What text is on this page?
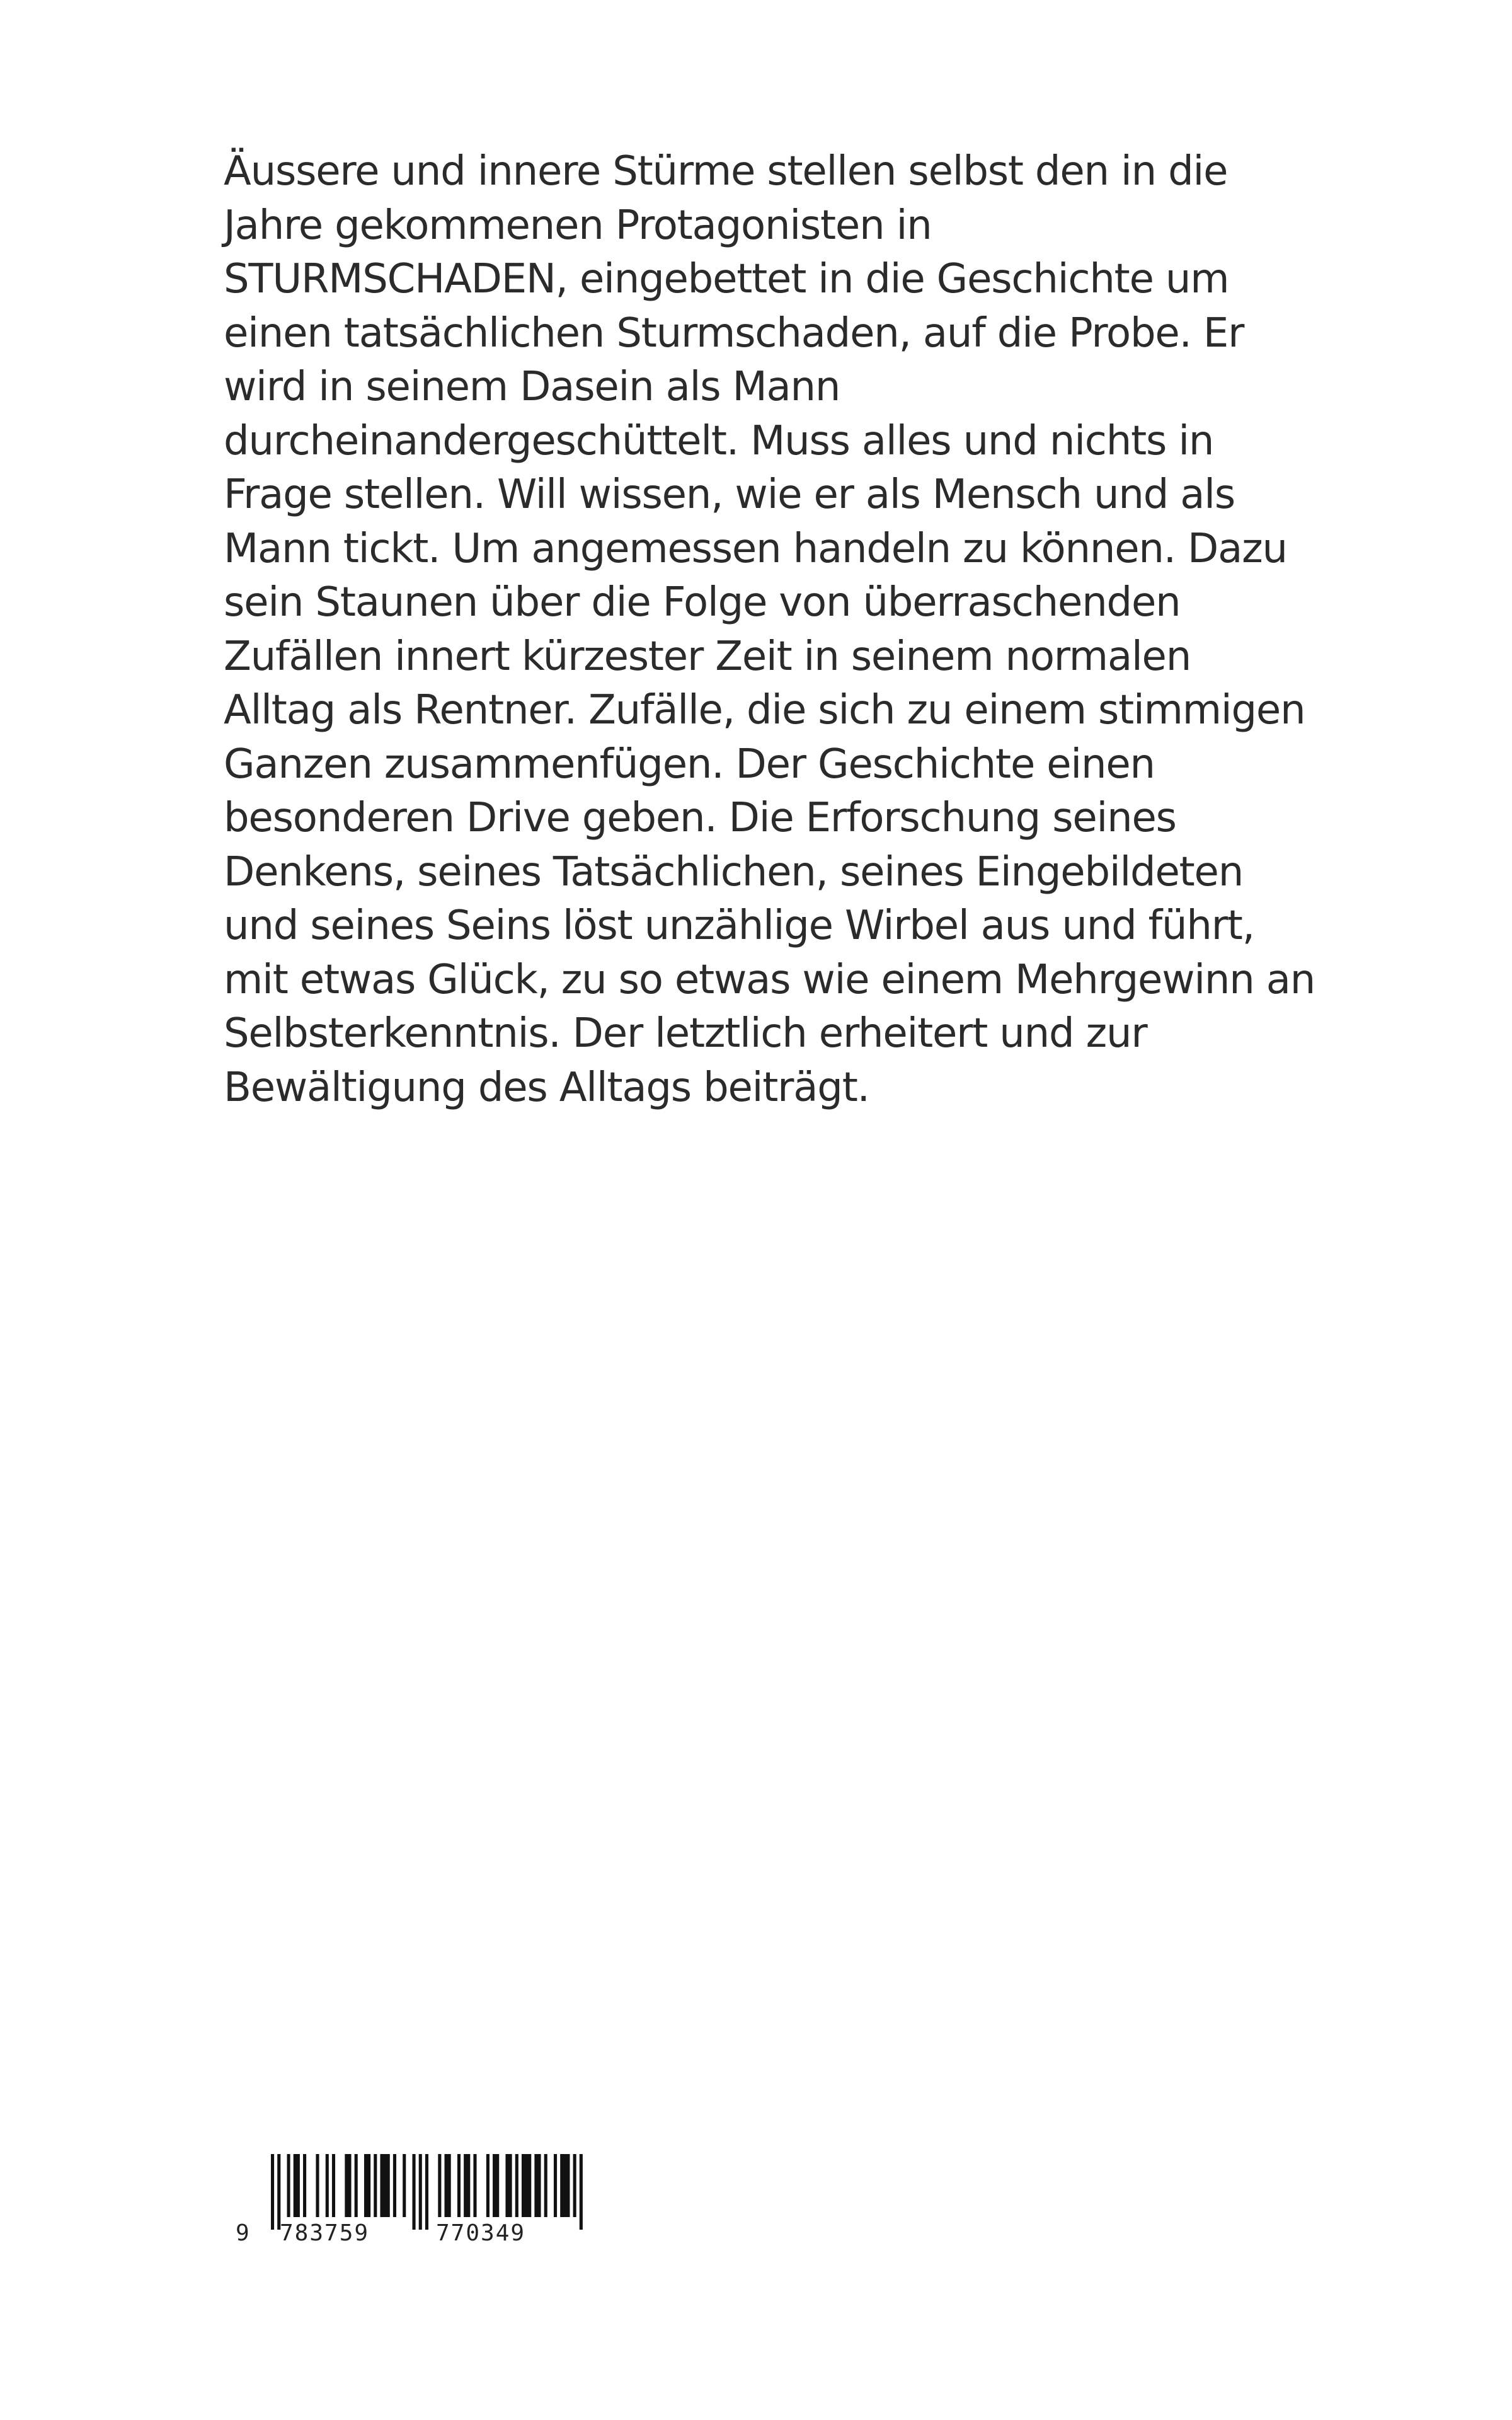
Äussere und innere Stürme stellen selbst den in die
Jahre gekommenen Protagonisten in
STURMSCHADEN, eingebettet in die Geschichte um
einen tatsächlichen Sturmschaden, auf die Probe. Er
wird in seinem Dasein als Mann
durcheinandergeschüttelt. Muss alles und nichts in
Frage stellen. Will wissen, wie er als Mensch und als
Mann tickt. Um angemessen handeln zu können. Dazu
sein Staunen über die Folge von überraschenden
Zufällen innert kürzester Zeit in seinem normalen
Alltag als Rentner. Zufälle, die sich zu einem stimmigen
Ganzen zusammenfügen. Der Geschichte einen
besonderen Drive geben. Die Erforschung seines
Denkens, seines Tatsächlichen, seines Eingebildeten
und seines Seins löst unzählige Wirbel aus und führt,
mit etwas Glück, zu so etwas wie einem Mehrgewinn an
Selbsterkenntnis. Der letztlich erheitert und zur
Bewältigung des Alltags beiträgt.
9 783759	770349
